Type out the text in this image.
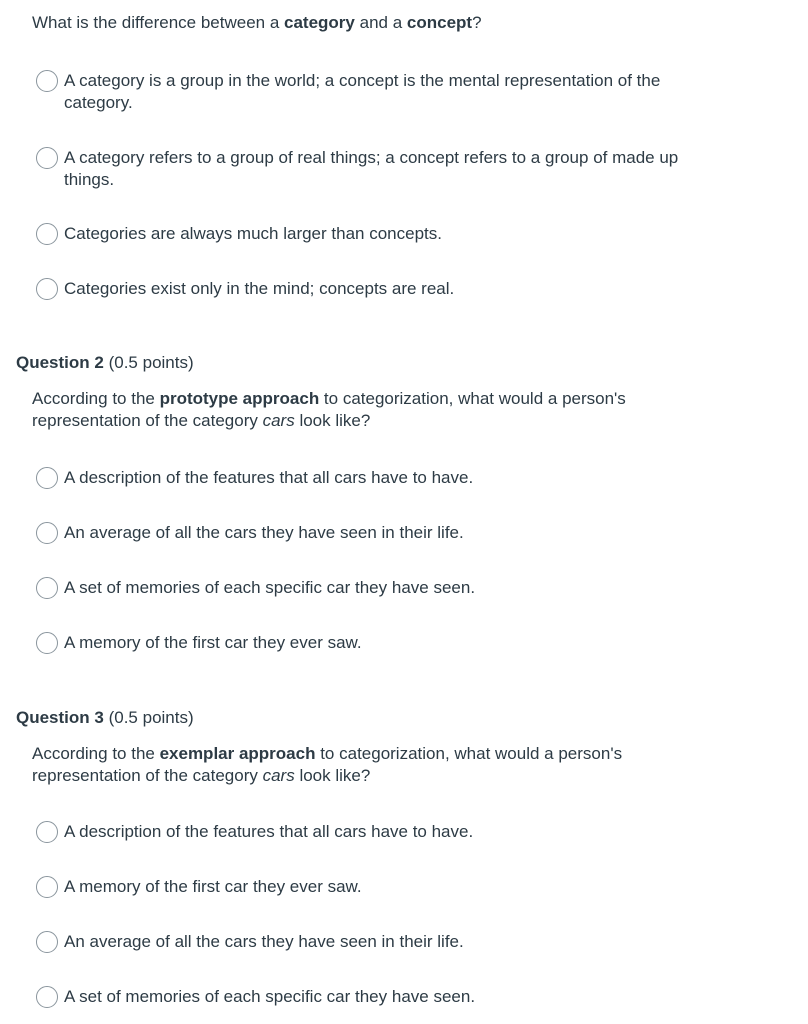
What is the difference between a category and a concept?
A category is a group in the world; a concept is the mental representation of the category.
A category refers to a group of real things; a concept refers to a group of made up things.
Categories are always much larger than concepts.
Categories exist only in the mind; concepts are real.
Question 2 (0.5 points)
According to the prototype approach to categorization, what would a person's representation of the category cars look like?
A description of the features that all cars have to have.
An average of all the cars they have seen in their life.
A set of memories of each specific car they have seen.
A memory of the first car they ever saw.
Question 3 (0.5 points)
According to the exemplar approach to categorization, what would a person's representation of the category cars look like?
A description of the features that all cars have to have.
A memory of the first car they ever saw.
An average of all the cars they have seen in their life.
A set of memories of each specific car they have seen.
